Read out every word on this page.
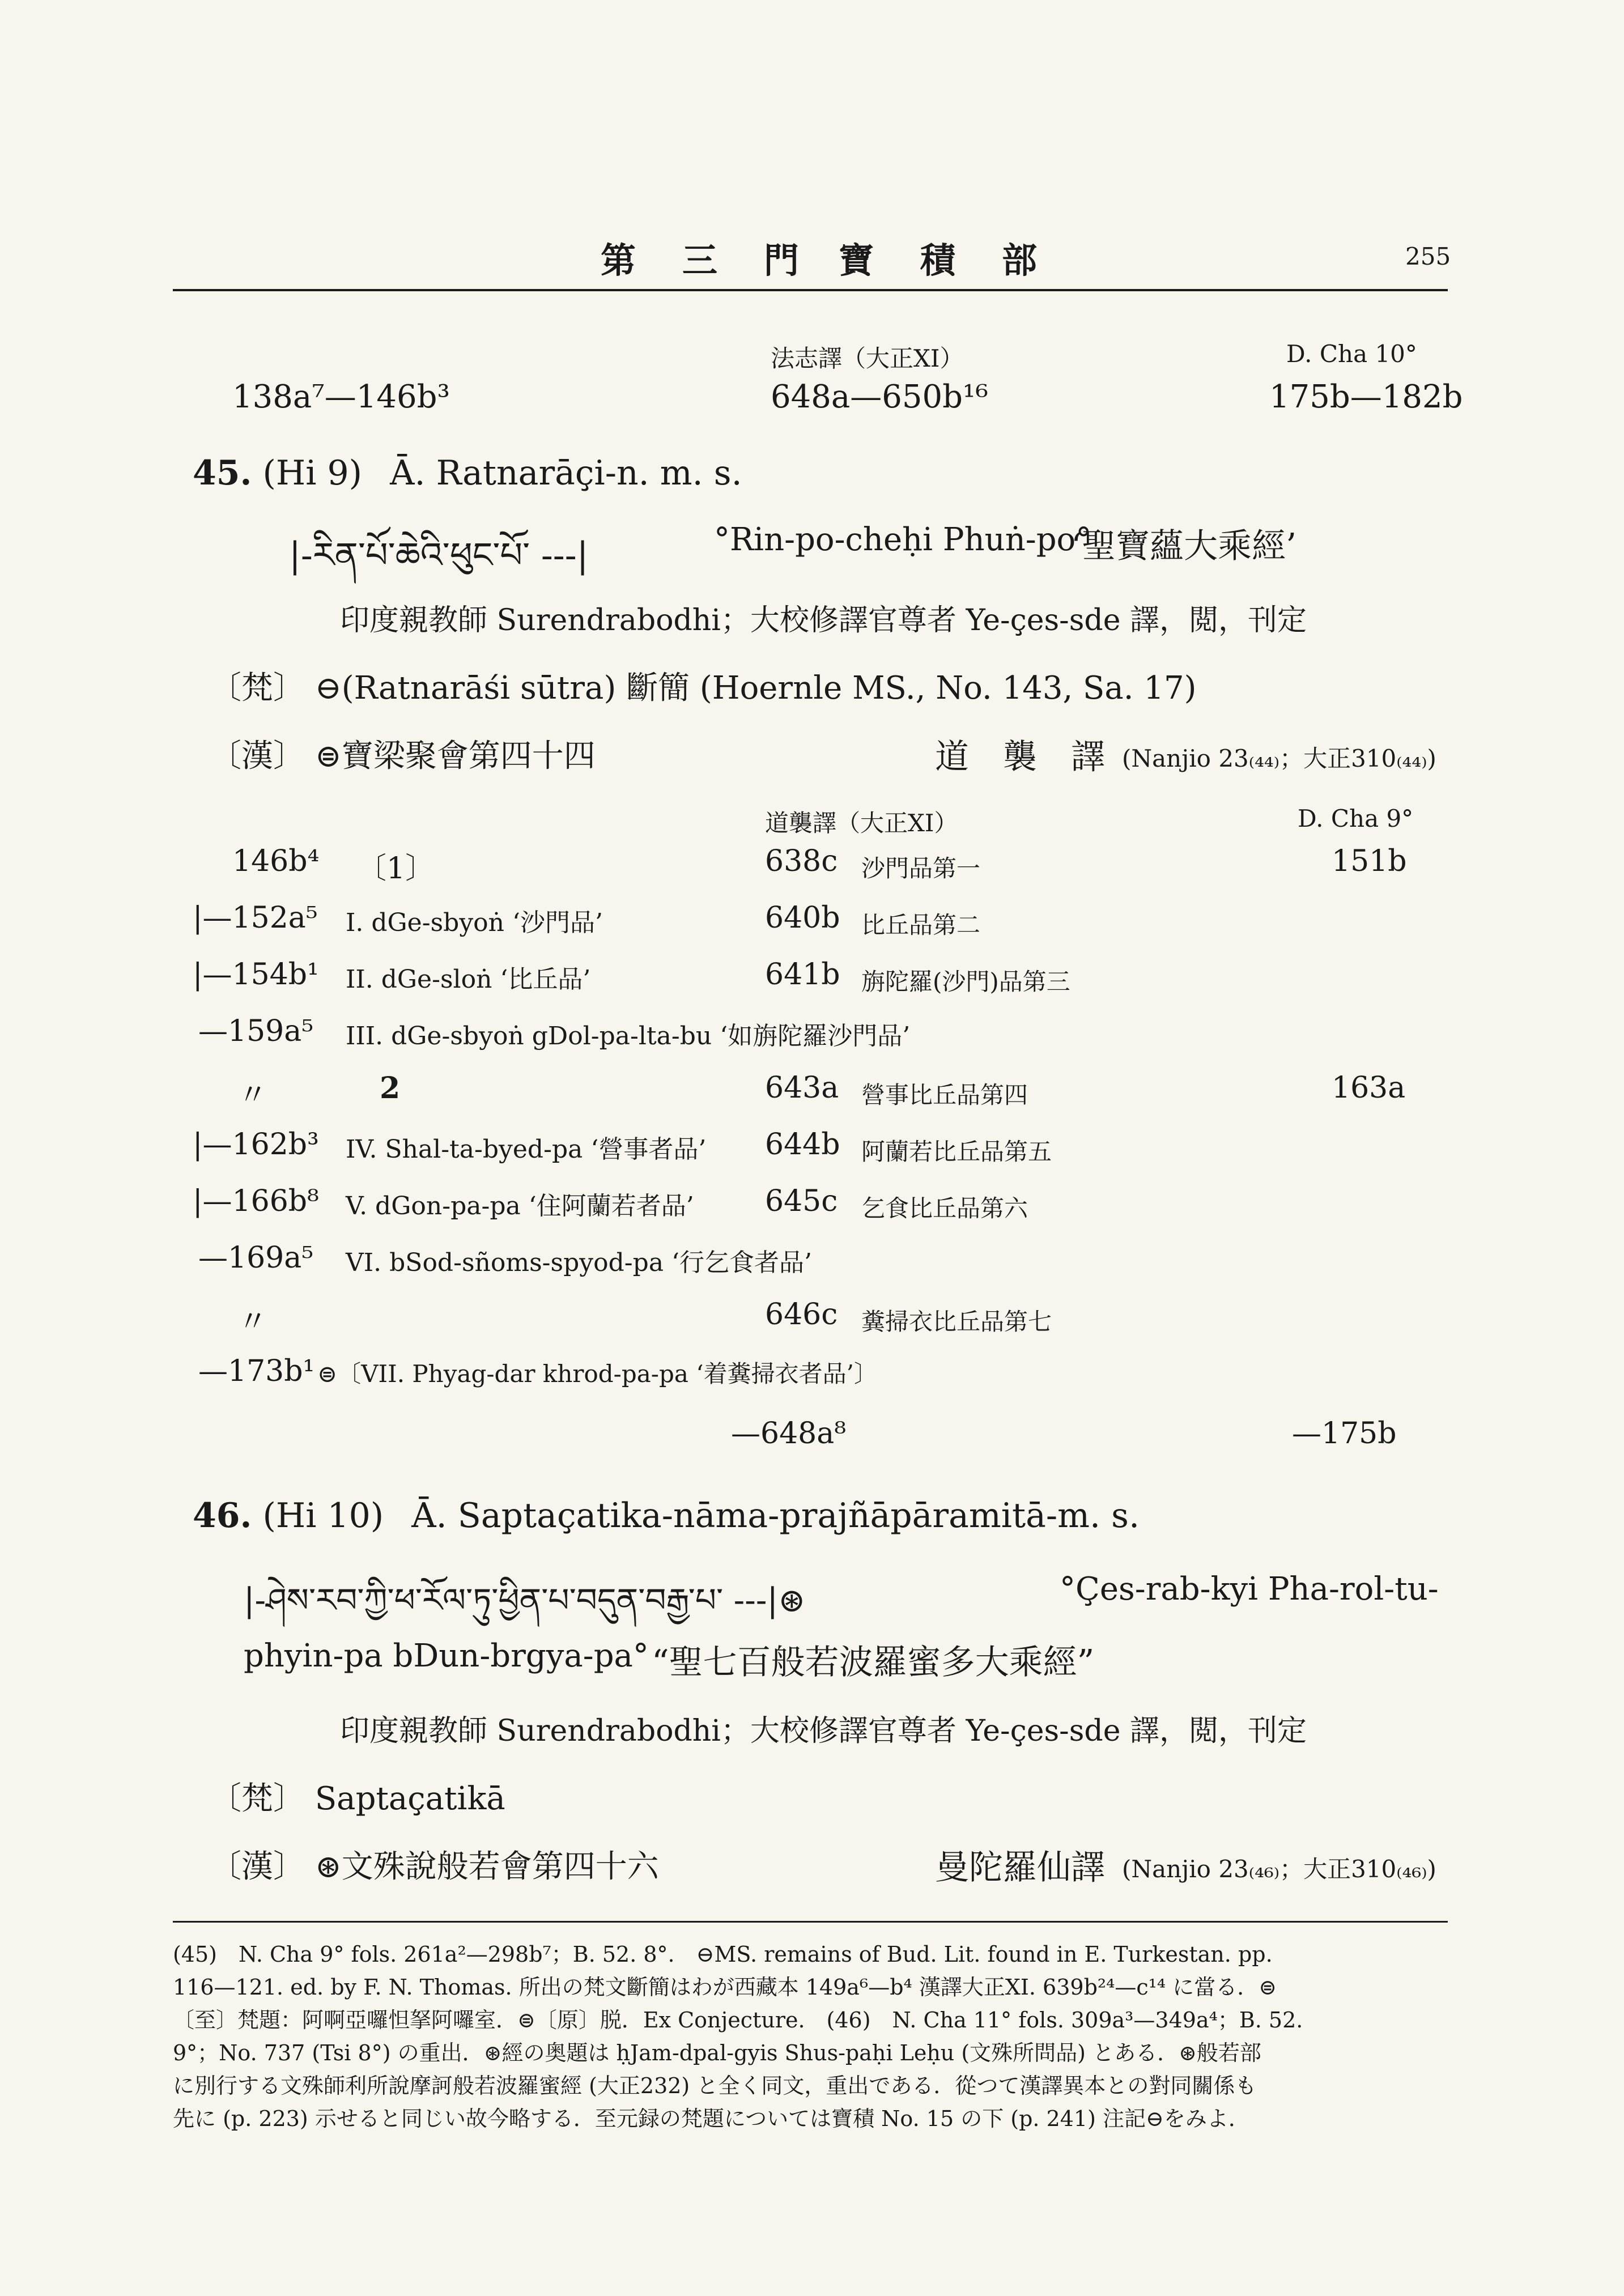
第　三　門 寶　積　部	255
法志譯（大正XI）	D. Cha 10°
138a⁷—146b³	648a—650b¹⁶	175b—182b
45. (Hi 9) Ā. Ratnarāçi-n. m. s.
|-རིན་པོ་ཆེའི་ཕུང་པོ་ ---|	°Rin-po-cheḥi Phuṅ-po°
‘聖寶蘊大乘經’
印度親教師 Surendrabodhi；大校修譯官尊者 Ye-çes-sde 譯，閲，刊定
〔梵〕 ⊖(Ratnarāśi sūtra) 斷簡 (Hoernle MS., No. 143, Sa. 17)
〔漢〕 ⊜寶梁聚會第四十四	道　襲　譯 (Nanjio 23₍₄₄₎；大正310₍₄₄₎)
道襲譯（大正XI）	D. Cha 9°
146b⁴ 〔1〕	638c 沙門品第一	151b
|—152a⁵ I. dGe-sbyoṅ ‘沙門品’	640b 比丘品第二
|—154b¹ II. dGe-sloṅ ‘比丘品’	641b 旃陀羅(沙門)品第三
—159a⁵ III. dGe-sbyoṅ gDol-pa-lta-bu ‘如旃陀羅沙門品’
〃	2	643a 營事比丘品第四	163a
|—162b³ IV. Shal-ta-byed-pa ‘營事者品’ 644b 阿蘭若比丘品第五
|—166b⁸ V. dGon-pa-pa ‘住阿蘭若者品’ 645c 乞食比丘品第六
—169a⁵ VI. bSod-sñoms-spyod-pa ‘行乞食者品’
〃	646c 糞掃衣比丘品第七
—173b¹ ⊜〔VII. Phyag-dar khrod-pa-pa ‘着糞掃衣者品’〕
—648a⁸	—175b
46. (Hi 10) Ā. Saptaçatika-nāma-prajñāpāramitā-m. s.
|-ཤེས་རབ་ཀྱི་ཕ་རོལ་ཏུ་ཕྱིན་པ་བདུན་བརྒྱ་པ་ ---|⊛	°Çes-rab-kyi Pha-rol-tu-
phyin-pa bDun-brgya-pa° “聖七百般若波羅蜜多大乘經”
印度親教師 Surendrabodhi；大校修譯官尊者 Ye-çes-sde 譯，閲，刊定
〔梵〕 Saptaçatikā
〔漢〕 ⊛文殊說般若會第四十六	曼陀羅仙譯 (Nanjio 23₍₄₆₎；大正310₍₄₆₎)

(45)　N. Cha 9° fols. 261a²—298b⁷；B. 52. 8°.　⊖MS. remains of Bud. Lit. found in E. Turkestan. pp.

116—121. ed. by F. N. Thomas. 所出の梵文斷簡はわが西藏本 149a⁶—b⁴ 漢譯大正XI. 639b²⁴—c¹⁴ に當る．⊜

〔至〕梵題：阿啊亞囉怛拏阿囉室．⊜〔原〕脱．Ex Conjecture.　(46)　N. Cha 11° fols. 309a³—349a⁴；B. 52.

9°；No. 737 (Tsi 8°) の重出．⊛經の奥題は ḥJam-dpal-gyis Shus-paḥi Leḥu (文殊所問品) とある．⊛般若部

に別行する文殊師利所說摩訶般若波羅蜜經 (大正232) と全く同文，重出である．從つて漢譯異本との對同關係も

先に (p. 223) 示せると同じい故今略する．至元録の梵題については寶積 No. 15 の下 (p. 241) 注記⊖をみよ．
